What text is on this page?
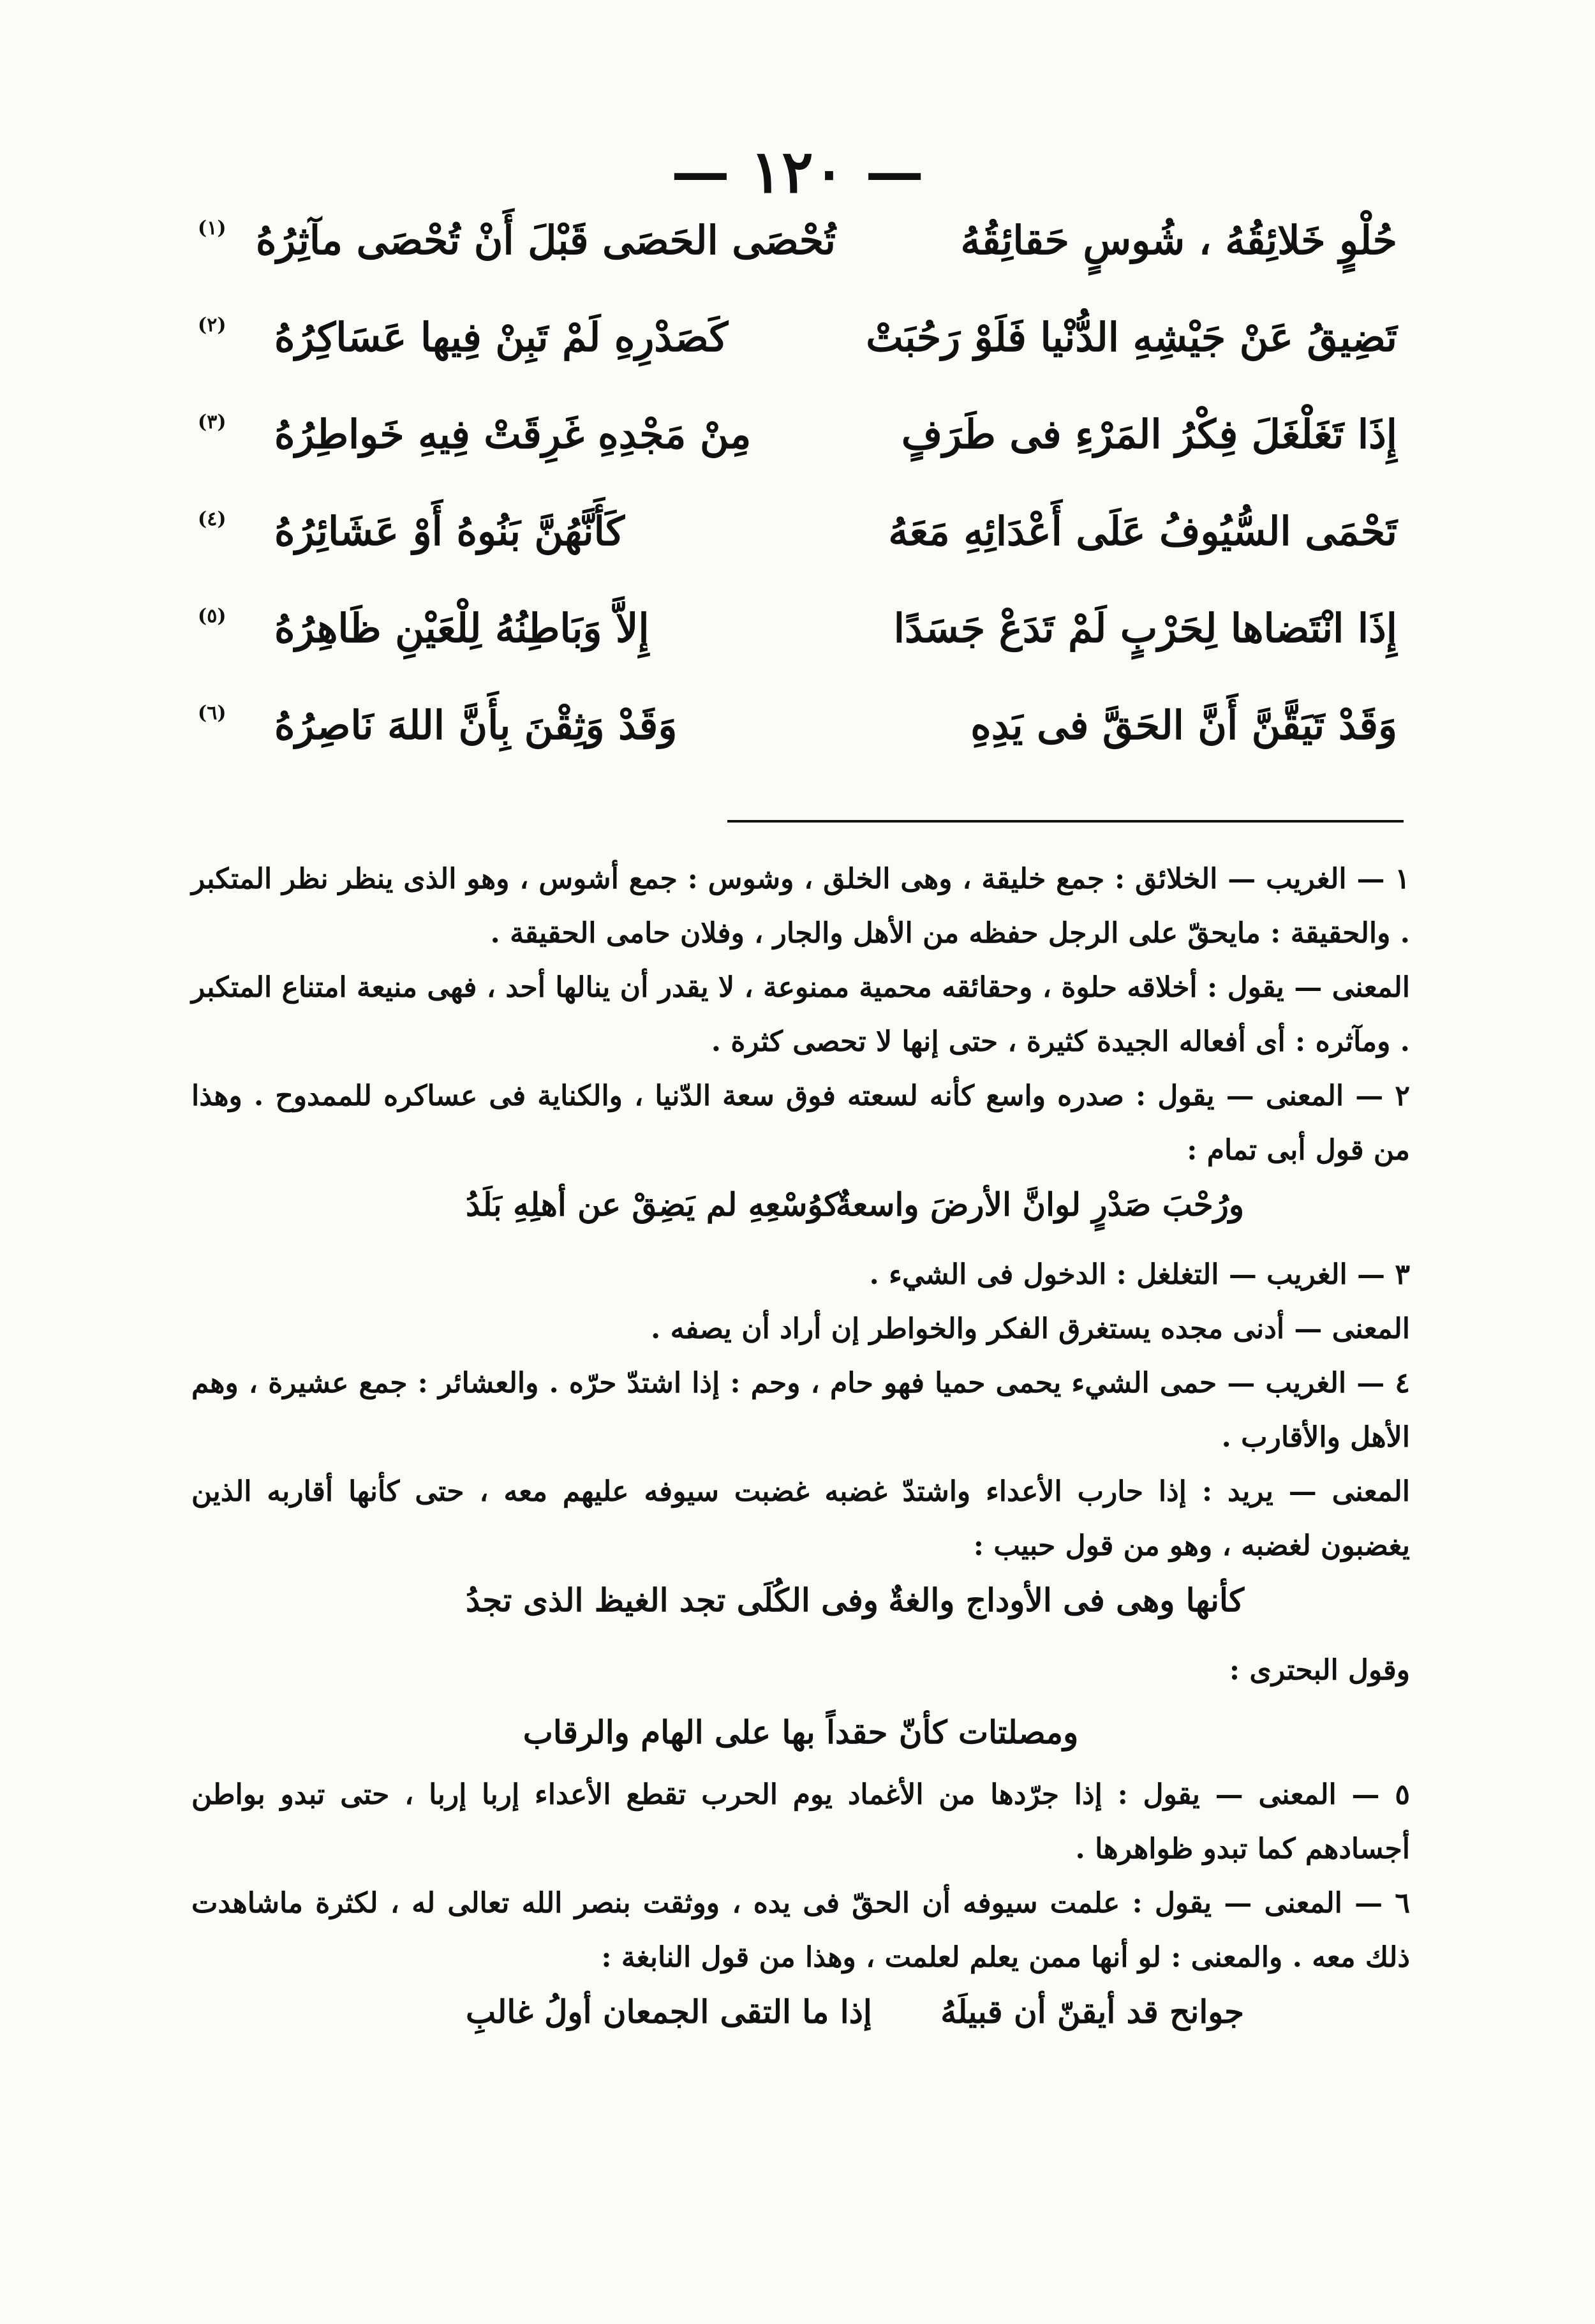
— ١٢٠ —
حُلْوٍ خَلائِقُهُ ، شُوسٍ حَقائِقُهُ
تُحْصَى الحَصَى قَبْلَ أَنْ تُحْصَى مآثِرُهُ
(١)
تَضِيقُ عَنْ جَيْشِهِ الدُّنْيا فَلَوْ رَحُبَتْ
كَصَدْرِهِ لَمْ تَبِنْ فِيها عَسَاكِرُهُ
(٢)
إِذَا تَغَلْغَلَ فِكْرُ المَرْءِ فى طَرَفٍ
مِنْ مَجْدِهِ غَرِقَتْ فِيهِ خَواطِرُهُ
(٣)
تَحْمَى السُّيُوفُ عَلَى أَعْدَائِهِ مَعَهُ
كَأَنَّهُنَّ بَنُوهُ أَوْ عَشَائِرُهُ
(٤)
إِذَا انْتَضاها لِحَرْبٍ لَمْ تَدَعْ جَسَدًا
إِلاَّ وَبَاطِنُهُ لِلْعَيْنِ ظَاهِرُهُ
(٥)
وَقَدْ تَيَقَّنَّ أَنَّ الحَقَّ فى يَدِهِ
وَقَدْ وَثِقْنَ بِأَنَّ اللهَ نَاصِرُهُ
(٦)
١ — الغريب — الخلائق : جمع خليقة ، وهى الخلق ، وشوس : جمع أشوس ، وهو الذى ينظر نظر المتكبر . والحقيقة : مايحقّ على الرجل حفظه من الأهل والجار ، وفلان حامى الحقيقة .
المعنى — يقول : أخلاقه حلوة ، وحقائقه محمية ممنوعة ، لا يقدر أن ينالها أحد ، فهى منيعة امتناع المتكبر . ومآثره : أى أفعاله الجيدة كثيرة ، حتى إنها لا تحصى كثرة .
٢ — المعنى — يقول : صدره واسع كأنه لسعته فوق سعة الدّنيا ، والكناية فى عساكره للممدوح . وهذا من قول أبى تمام :
ورُحْبَ صَدْرٍ لوانَّ الأرضَ واسعةٌ
كوُسْعِهِ لم يَضِقْ عن أهلِهِ بَلَدُ
٣ — الغريب — التغلغل : الدخول فى الشيء .
المعنى — أدنى مجده يستغرق الفكر والخواطر إن أراد أن يصفه .
٤ — الغريب — حمى الشيء يحمى حميا فهو حام ، وحم : إذا اشتدّ حرّه . والعشائر : جمع عشيرة ، وهم الأهل والأقارب .
المعنى — يريد : إذا حارب الأعداء واشتدّ غضبه غضبت سيوفه عليهم معه ، حتى كأنها أقاربه الذين يغضبون لغضبه ، وهو من قول حبيب :
كأنها وهى فى الأوداج والغةٌ
وفى الكُلَى تجد الغيظ الذى تجدُ
وقول البحترى :
ومصلتات كأنّ حقداً بها على الهام والرقاب
٥ — المعنى — يقول : إذا جرّدها من الأغماد يوم الحرب تقطع الأعداء إربا إربا ، حتى تبدو بواطن أجسادهم كما تبدو ظواهرها .
٦ — المعنى — يقول : علمت سيوفه أن الحقّ فى يده ، ووثقت بنصر الله تعالى له ، لكثرة ماشاهدت ذلك معه . والمعنى : لو أنها ممن يعلم لعلمت ، وهذا من قول النابغة :
جوانح قد أيقنّ أن قبيلَهُ
إذا ما التقى الجمعان أولُ غالبِ
